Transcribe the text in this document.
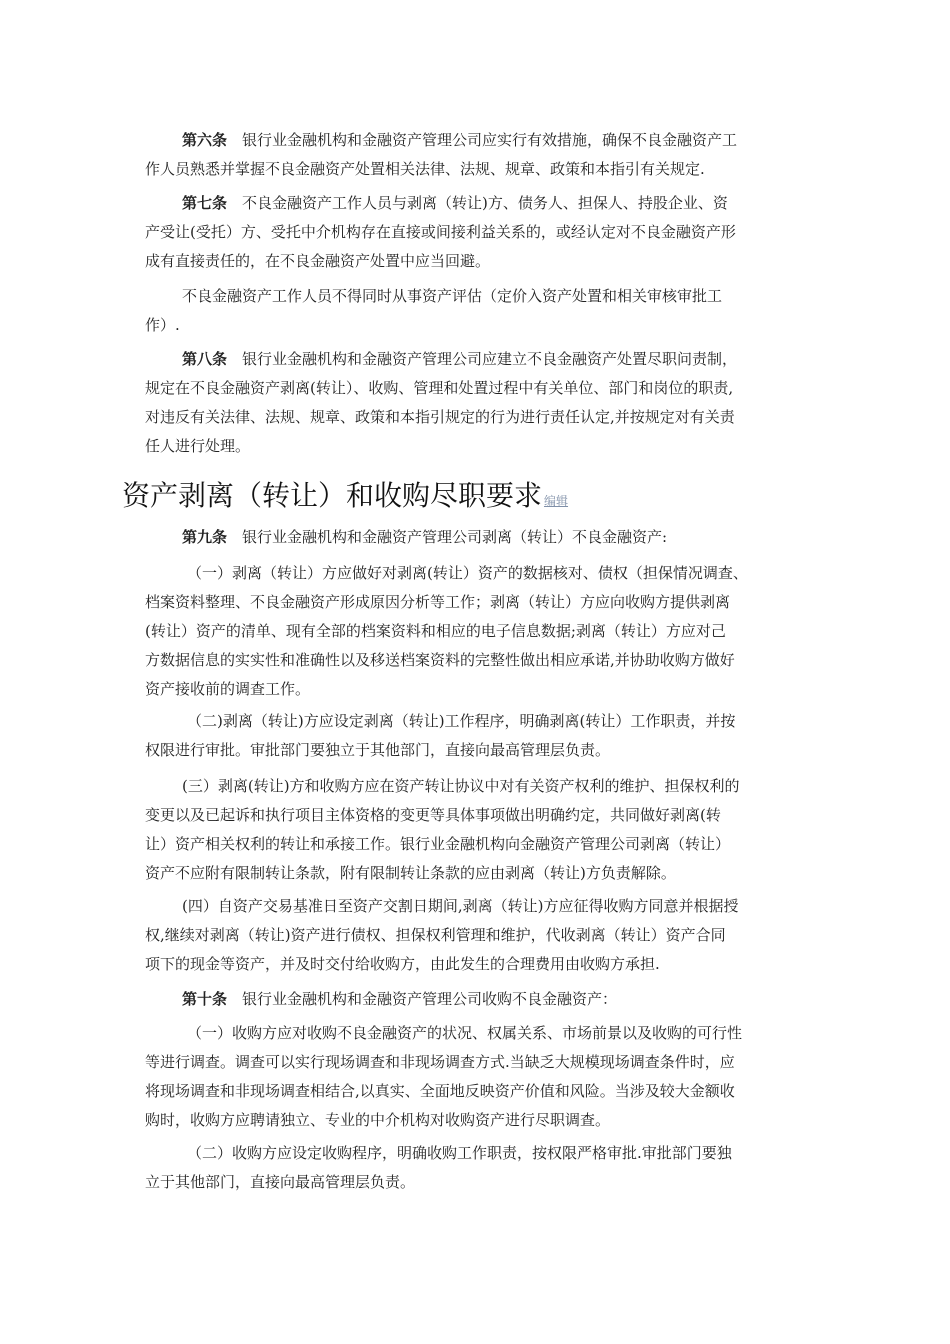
第六条 银行业金融机构和金融资产管理公司应实行有效措施，确保不良金融资产工
作人员熟悉并掌握不良金融资产处置相关法律、法规、规章、政策和本指引有关规定.
第七条 不良金融资产工作人员与剥离（转让)方、债务人、担保人、持股企业、资
产受让(受托）方、受托中介机构存在直接或间接利益关系的，或经认定对不良金融资产形
成有直接责任的，在不良金融资产处置中应当回避。
不良金融资产工作人员不得同时从事资产评估（定价入资产处置和相关审核审批工
作）.
第八条 银行业金融机构和金融资产管理公司应建立不良金融资产处置尽职问责制，
规定在不良金融资产剥离(转让）、收购、管理和处置过程中有关单位、部门和岗位的职责,
对违反有关法律、法规、规章、政策和本指引规定的行为进行责任认定,并按规定对有关责
任人进行处理。
资产剥离（转让）和收购尽职要求 编辑
第九条 银行业金融机构和金融资产管理公司剥离（转让）不良金融资产:
（一）剥离（转让）方应做好对剥离(转让）资产的数据核对、债权（担保情况调查、
档案资料整理、不良金融资产形成原因分析等工作；剥离（转让）方应向收购方提供剥离
(转让）资产的清单、现有全部的档案资料和相应的电子信息数据;剥离（转让）方应对己
方数据信息的实实性和准确性以及移送档案资料的完整性做出相应承诺,并协助收购方做好
资产接收前的调查工作。
（二)剥离（转让)方应设定剥离（转让)工作程序，明确剥离(转让）工作职责，并按
权限进行审批。审批部门要独立于其他部门，直接向最高管理层负责。
(三）剥离(转让)方和收购方应在资产转让协议中对有关资产权利的维护、担保权利的
变更以及已起诉和执行项目主体资格的变更等具体事项做出明确约定，共同做好剥离(转
让）资产相关权利的转让和承接工作。银行业金融机构向金融资产管理公司剥离（转让）
资产不应附有限制转让条款，附有限制转让条款的应由剥离（转让)方负责解除。
(四）自资产交易基准日至资产交割日期间,剥离（转让)方应征得收购方同意并根据授
权,继续对剥离（转让)资产进行债权、担保权利管理和维护，代收剥离（转让）资产合同
项下的现金等资产，并及时交付给收购方，由此发生的合理费用由收购方承担.
第十条 银行业金融机构和金融资产管理公司收购不良金融资产：
（一）收购方应对收购不良金融资产的状况、权属关系、市场前景以及收购的可行性
等进行调查。调查可以实行现场调查和非现场调查方式.当缺乏大规模现场调查条件时，应
将现场调查和非现场调查相结合,以真实、全面地反映资产价值和风险。当涉及较大金额收
购时，收购方应聘请独立、专业的中介机构对收购资产进行尽职调查。
（二）收购方应设定收购程序，明确收购工作职责，按权限严格审批.审批部门要独
立于其他部门，直接向最高管理层负责。
